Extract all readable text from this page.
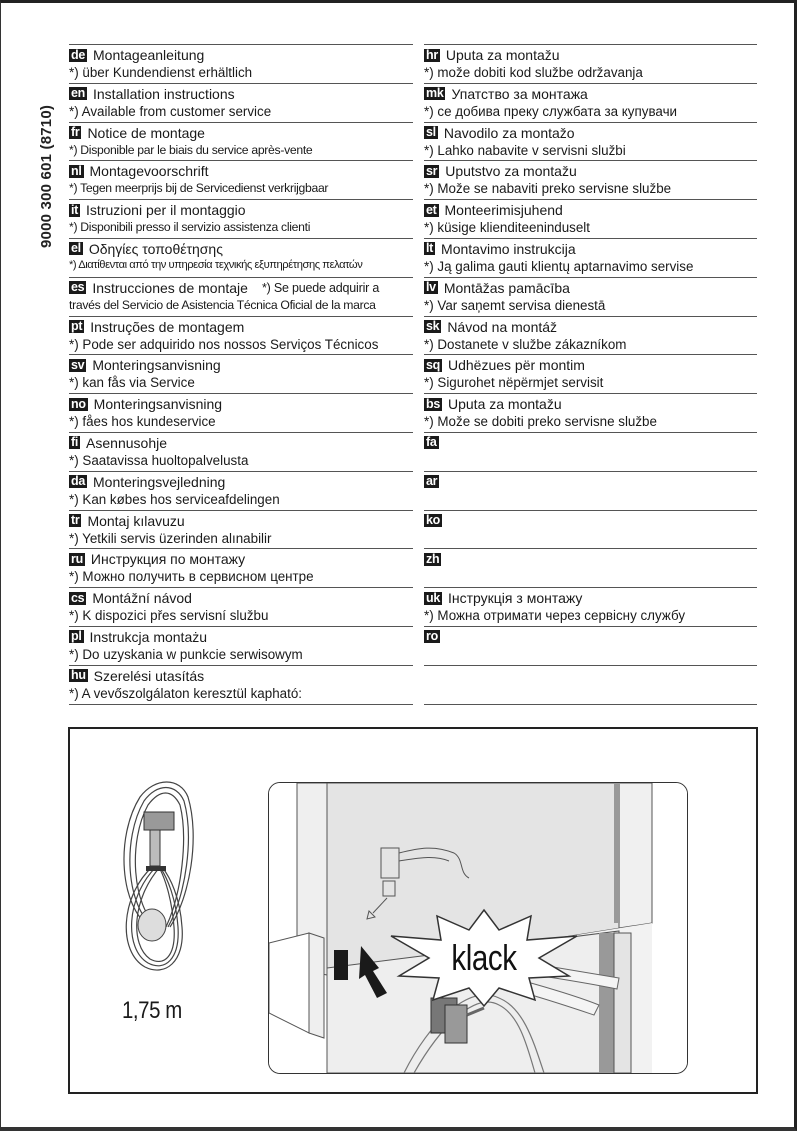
9000 300 601 (8710)
de Montageanleitung
*) über Kundendienst erhältlich
en Installation instructions
*) Available from customer service
fr Notice de montage
*) Disponible par le biais du service après-vente
nl Montagevoorschrift
*) Tegen meerprijs bij de Servicedienst verkrijgbaar
it Istruzioni per il montaggio
*) Disponibili presso il servizio assistenza clienti
el Οδηγίες τοποθέτησης
*) Διατίθενται από την υπηρεσία τεχνικής εξυπηρέτησης πελατών
es Instrucciones de montaje *) Se puede adquirir a
través del Servicio de Asistencia Técnica Oficial de la marca
pt Instruções de montagem
*) Pode ser adquirido nos nossos Serviços Técnicos
sv Monteringsanvisning
*) kan fås via Service
no Monteringsanvisning
*) fåes hos kundeservice
fi Asennusohje
*) Saatavissa huoltopalvelusta
da Monteringsvejledning
*) Kan købes hos serviceafdelingen
tr Montaj kılavuzu
*) Yetkili servis üzerinden alınabilir
ru Инструкция по монтажу
*) Можно получить в сервисном центре
cs Montážní návod
*) K dispozici přes servisní službu
pl Instrukcja montażu
*) Do uzyskania w punkcie serwisowym
hu Szerelési utasítás
*) A vevőszolgálaton keresztül kapható:
hr Uputa za montažu
*) može dobiti kod službe održavanja
mk Упатство за монтажа
*) се добива преку службата за купувачи
sl Navodilo za montažo
*) Lahko nabavite v servisni službi
sr Uputstvo za montažu
*) Može se nabaviti preko servisne službe
et Monteerimisjuhend
*) küsige klienditeeninduselt
lt Montavimo instrukcija
*) Ją galima gauti klientų aptarnavimo servise
lv Montāžas pamācība
*) Var saņemt servisa dienestā
sk Návod na montáž
*) Dostanete v službe zákazníkom
sq Udhëzues për montim
*) Sigurohet nëpërmjet servisit
bs Uputa za montažu
*) Može se dobiti preko servisne službe
fa
ar
ko
zh
uk Інструкція з монтажу
*) Можна отримати через сервісну службу
ro
1,75 m
klack
